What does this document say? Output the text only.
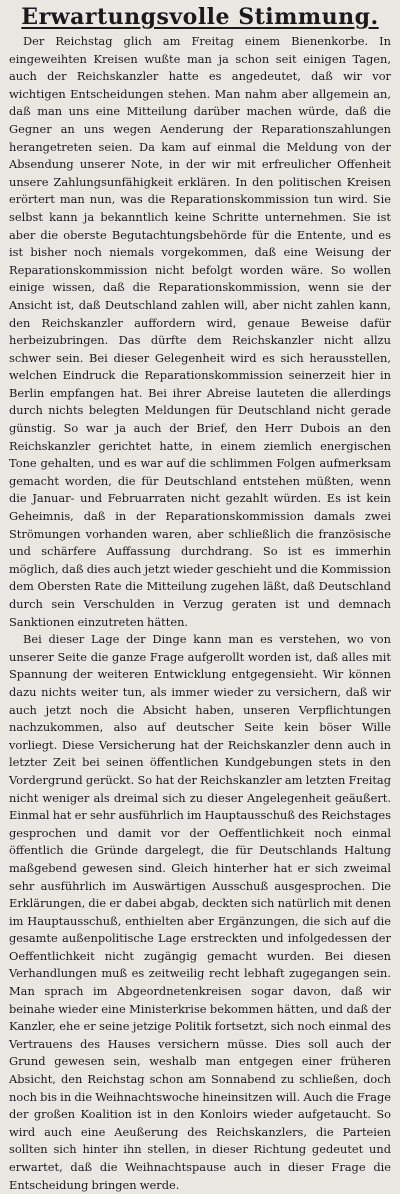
Erwartungsvolle Stimmung.

Der Reichstag glich am Freitag einem Bienenkorbe. In eingeweihten Kreisen wußte man ja schon seit einigen Tagen, auch der Reichskanzler hatte es angedeutet, daß wir vor wichtigen Entscheidungen stehen. Man nahm aber allgemein an, daß man uns eine Mitteilung darüber machen würde, daß die Gegner an uns wegen Aenderung der Reparationszahlungen herangetreten seien. Da kam auf einmal die Meldung von der Absendung unserer Note, in der wir mit erfreulicher Offenheit unsere Zahlungsunfähigkeit erklären. In den politischen Kreisen erörtert man nun, was die Reparationskommission tun wird. Sie selbst kann ja bekanntlich keine Schritte unternehmen. Sie ist aber die oberste Begutachtungsbehörde für die Entente, und es ist bisher noch niemals vorgekommen, daß eine Weisung der Reparationskommission nicht befolgt worden wäre. So wollen einige wissen, daß die Reparationskommission, wenn sie der Ansicht ist, daß Deutschland zahlen will, aber nicht zahlen kann, den Reichskanzler auffordern wird, genaue Beweise dafür herbeizubringen. Das dürfte dem Reichskanzler nicht allzu schwer sein. Bei dieser Gelegenheit wird es sich herausstellen, welchen Eindruck die Reparationskommission seinerzeit hier in Berlin empfangen hat. Bei ihrer Abreise lauteten die allerdings durch nichts belegten Meldungen für Deutschland nicht gerade günstig. So war ja auch der Brief, den Herr Dubois an den Reichskanzler gerichtet hatte, in einem ziemlich energischen Tone gehalten, und es war auf die schlimmen Folgen aufmerksam gemacht worden, die für Deutschland entstehen müßten, wenn die Januar- und Februarraten nicht gezahlt würden. Es ist kein Geheimnis, daß in der Reparationskommission damals zwei Strömungen vorhanden waren, aber schließlich die französische und schärfere Auffassung durchdrang. So ist es immerhin möglich, daß dies auch jetzt wieder geschieht und die Kommission dem Obersten Rate die Mitteilung zugehen läßt, daß Deutschland durch sein Verschulden in Verzug geraten ist und demnach Sanktionen einzutreten hätten.

Bei dieser Lage der Dinge kann man es verstehen, wo von unserer Seite die ganze Frage aufgerollt worden ist, daß alles mit Spannung der weiteren Entwicklung entgegensieht. Wir können dazu nichts weiter tun, als immer wieder zu versichern, daß wir auch jetzt noch die Absicht haben, unseren Verpflichtungen nachzukommen, also auf deutscher Seite kein böser Wille vorliegt. Diese Versicherung hat der Reichskanzler denn auch in letzter Zeit bei seinen öffentlichen Kundgebungen stets in den Vordergrund gerückt. So hat der Reichskanzler am letzten Freitag nicht weniger als dreimal sich zu dieser Angelegenheit geäußert. Einmal hat er sehr ausführlich im Hauptausschuß des Reichstages gesprochen und damit vor der Oeffentlichkeit noch einmal öffentlich die Gründe dargelegt, die für Deutschlands Haltung maßgebend gewesen sind. Gleich hinterher hat er sich zweimal sehr ausführlich im Auswärtigen Ausschuß ausgesprochen. Die Erklärungen, die er dabei abgab, deckten sich natürlich mit denen im Hauptausschuß, enthielten aber Ergänzungen, die sich auf die gesamte außenpolitische Lage erstreckten und infolgedessen der Oeffentlichkeit nicht zugängig gemacht wurden. Bei diesen Verhandlungen muß es zeitweilig recht lebhaft zugegangen sein. Man sprach im Abgeordnetenkreisen sogar davon, daß wir beinahe wieder eine Ministerkrise bekommen hätten, und daß der Kanzler, ehe er seine jetzige Politik fortsetzt, sich noch einmal des Vertrauens des Hauses versichern müsse. Dies soll auch der Grund gewesen sein, weshalb man entgegen einer früheren Absicht, den Reichstag schon am Sonnabend zu schließen, doch noch bis in die Weihnachtswoche hineinsitzen will. Auch die Frage der großen Koalition ist in den Konloirs wieder aufgetaucht. So wird auch eine Aeußerung des Reichskanzlers, die Parteien sollten sich hinter ihn stellen, in dieser Richtung gedeutet und erwartet, daß die Weihnachtspause auch in dieser Frage die Entscheidung bringen werde.
